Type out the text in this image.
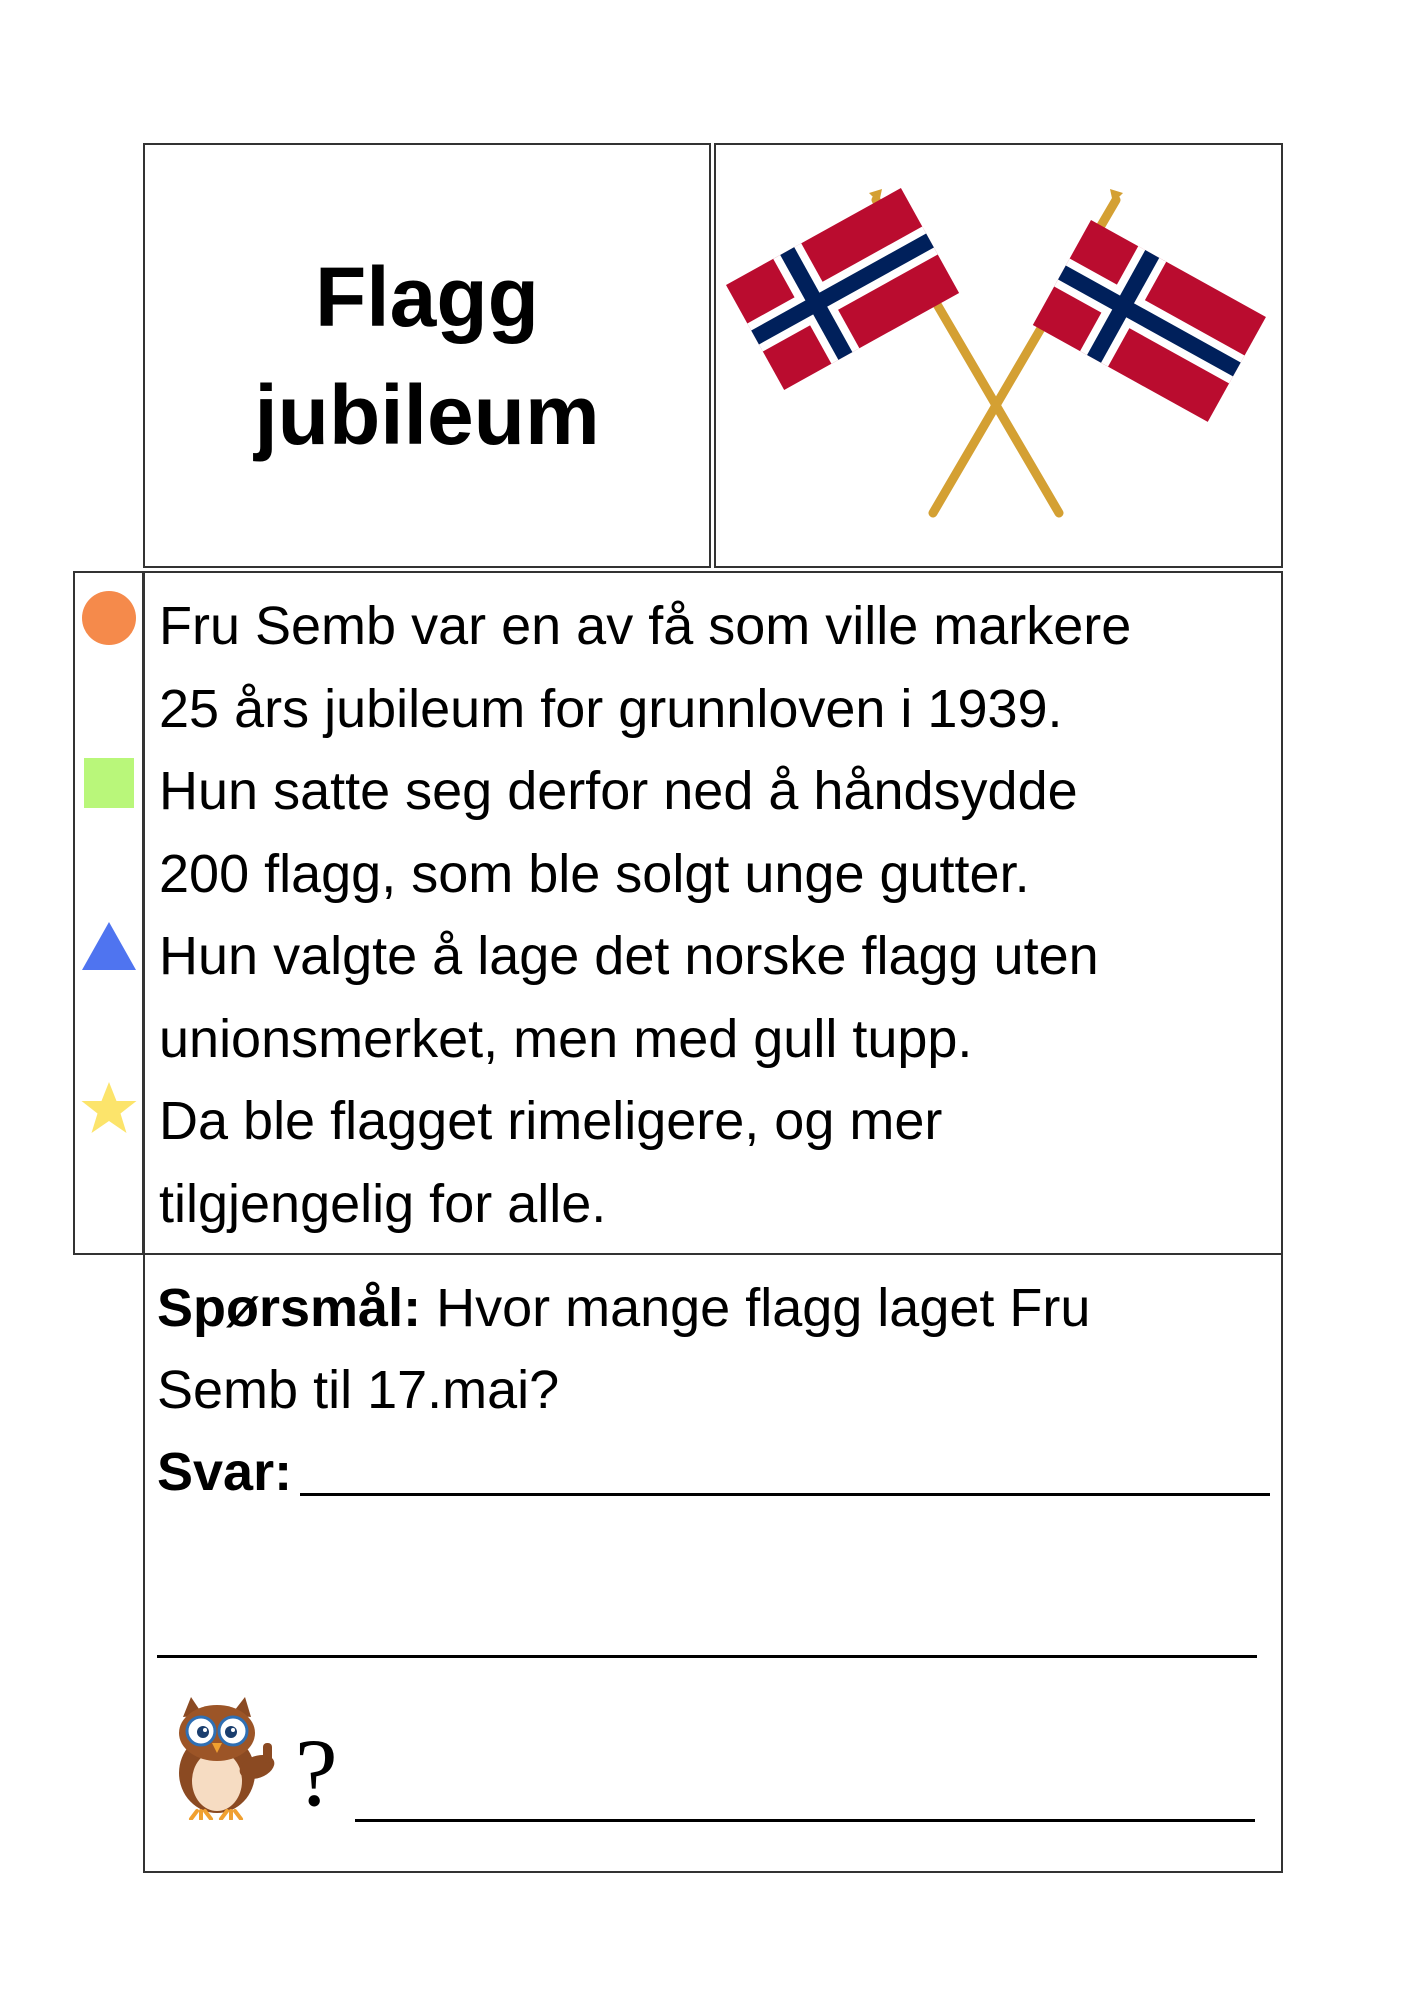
Flagg
jubileum
Fru Semb var en av få som ville markere
25 års jubileum for grunnloven i 1939.
Hun satte seg derfor ned å håndsydde
200 flagg, som ble solgt unge gutter.
Hun valgte å lage det norske flagg uten
unionsmerket, men med gull tupp.
Da ble flagget rimeligere, og mer
tilgjengelig for alle.
Spørsmål: Hvor mange flagg laget Fru
Semb til 17.mai?
Svar:
?
